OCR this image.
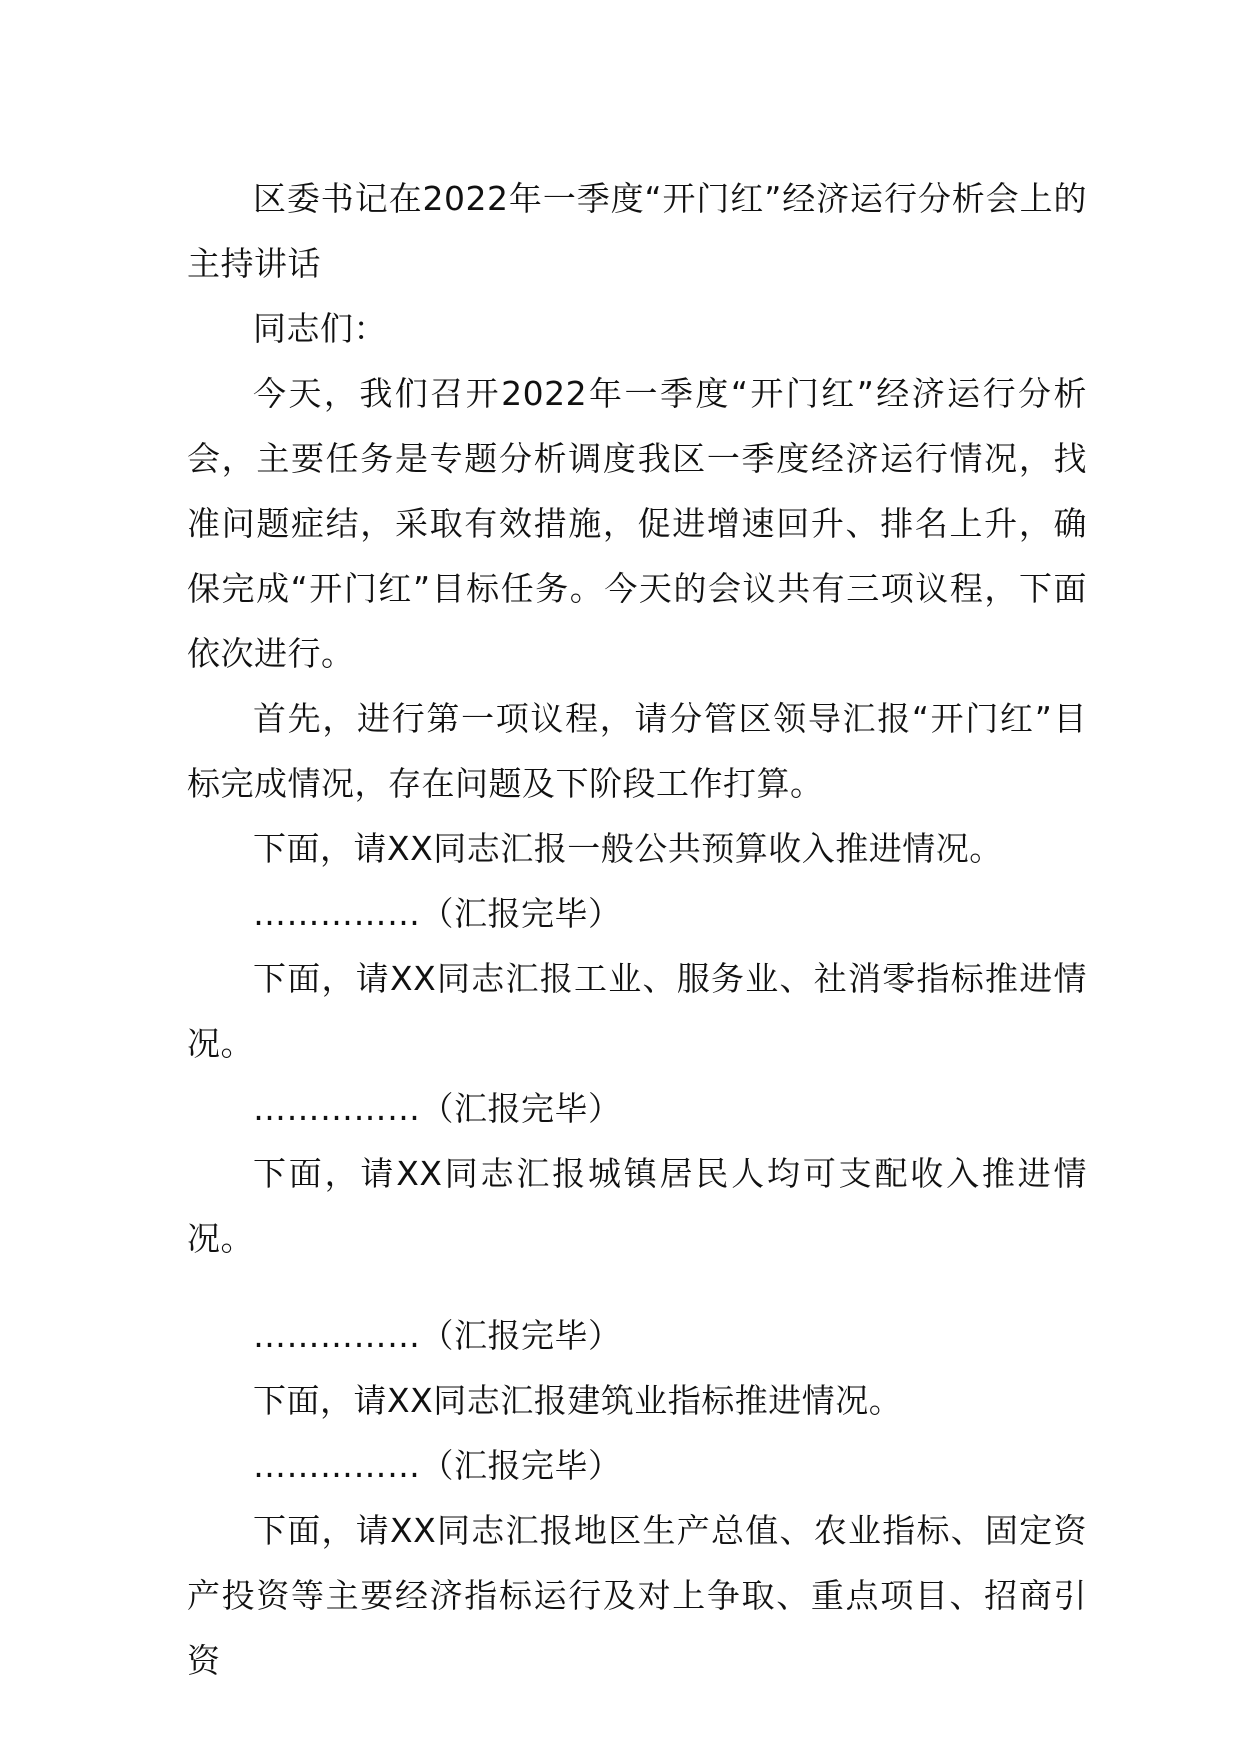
区委书记在2022年一季度“开门红”经济运行分析会上的主持讲话

同志们：

今天，我们召开2022年一季度“开门红”经济运行分析会，主要任务是专题分析调度我区一季度经济运行情况，找准问题症结，采取有效措施，促进增速回升、排名上升，确保完成“开门红”目标任务。今天的会议共有三项议程，下面依次进行。

首先，进行第一项议程，请分管区领导汇报“开门红”目标完成情况，存在问题及下阶段工作打算。

下面，请XX同志汇报一般公共预算收入推进情况。

……………（汇报完毕）

下面，请XX同志汇报工业、服务业、社消零指标推进情况。

……………（汇报完毕）

下面，请XX同志汇报城镇居民人均可支配收入推进情况。

……………（汇报完毕）

下面，请XX同志汇报建筑业指标推进情况。

……………（汇报完毕）

下面，请XX同志汇报地区生产总值、农业指标、固定资产投资等主要经济指标运行及对上争取、重点项目、招商引资
